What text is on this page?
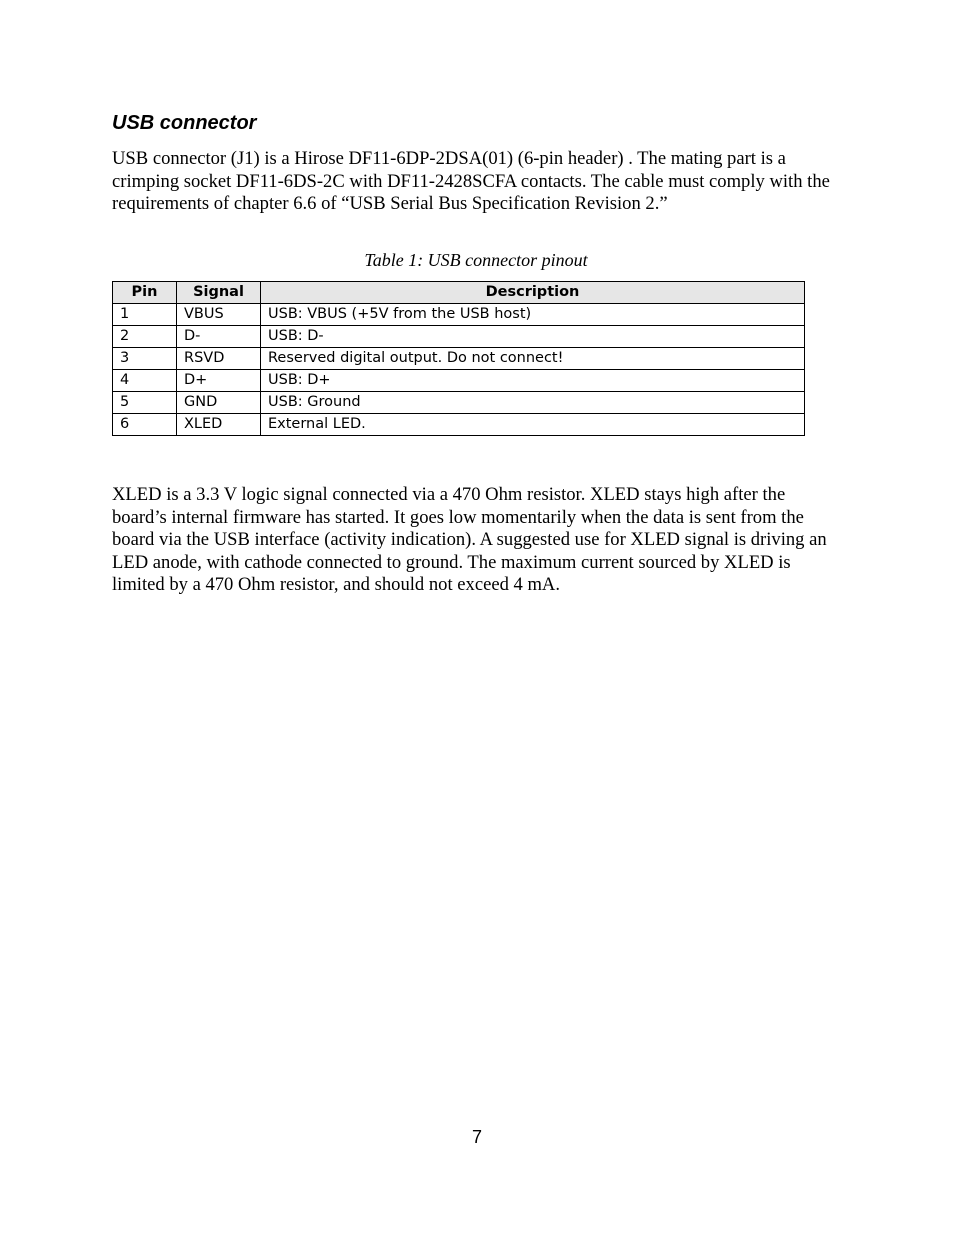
USB connector

USB connector (J1) is a Hirose DF11-6DP-2DSA(01) (6-pin header) . The mating part is a crimping socket DF11-6DS-2C with DF11-2428SCFA contacts. The cable must comply with the requirements of chapter 6.6 of “USB Serial Bus Specification Revision 2.”

Table 1: USB connector pinout

Pin	Signal	Description
1	VBUS	USB: VBUS (+5V from the USB host)
2	D-	USB: D-
3	RSVD	Reserved digital output. Do not connect!
4	D+	USB: D+
5	GND	USB: Ground
6	XLED	External LED.

XLED is a 3.3 V logic signal connected via a 470 Ohm resistor. XLED stays high after the board’s internal firmware has started. It goes low momentarily when the data is sent from the board via the USB interface (activity indication). A suggested use for XLED signal is driving an LED anode, with cathode connected to ground. The maximum current sourced by XLED is limited by a 470 Ohm resistor, and should not exceed 4 mA.

7
